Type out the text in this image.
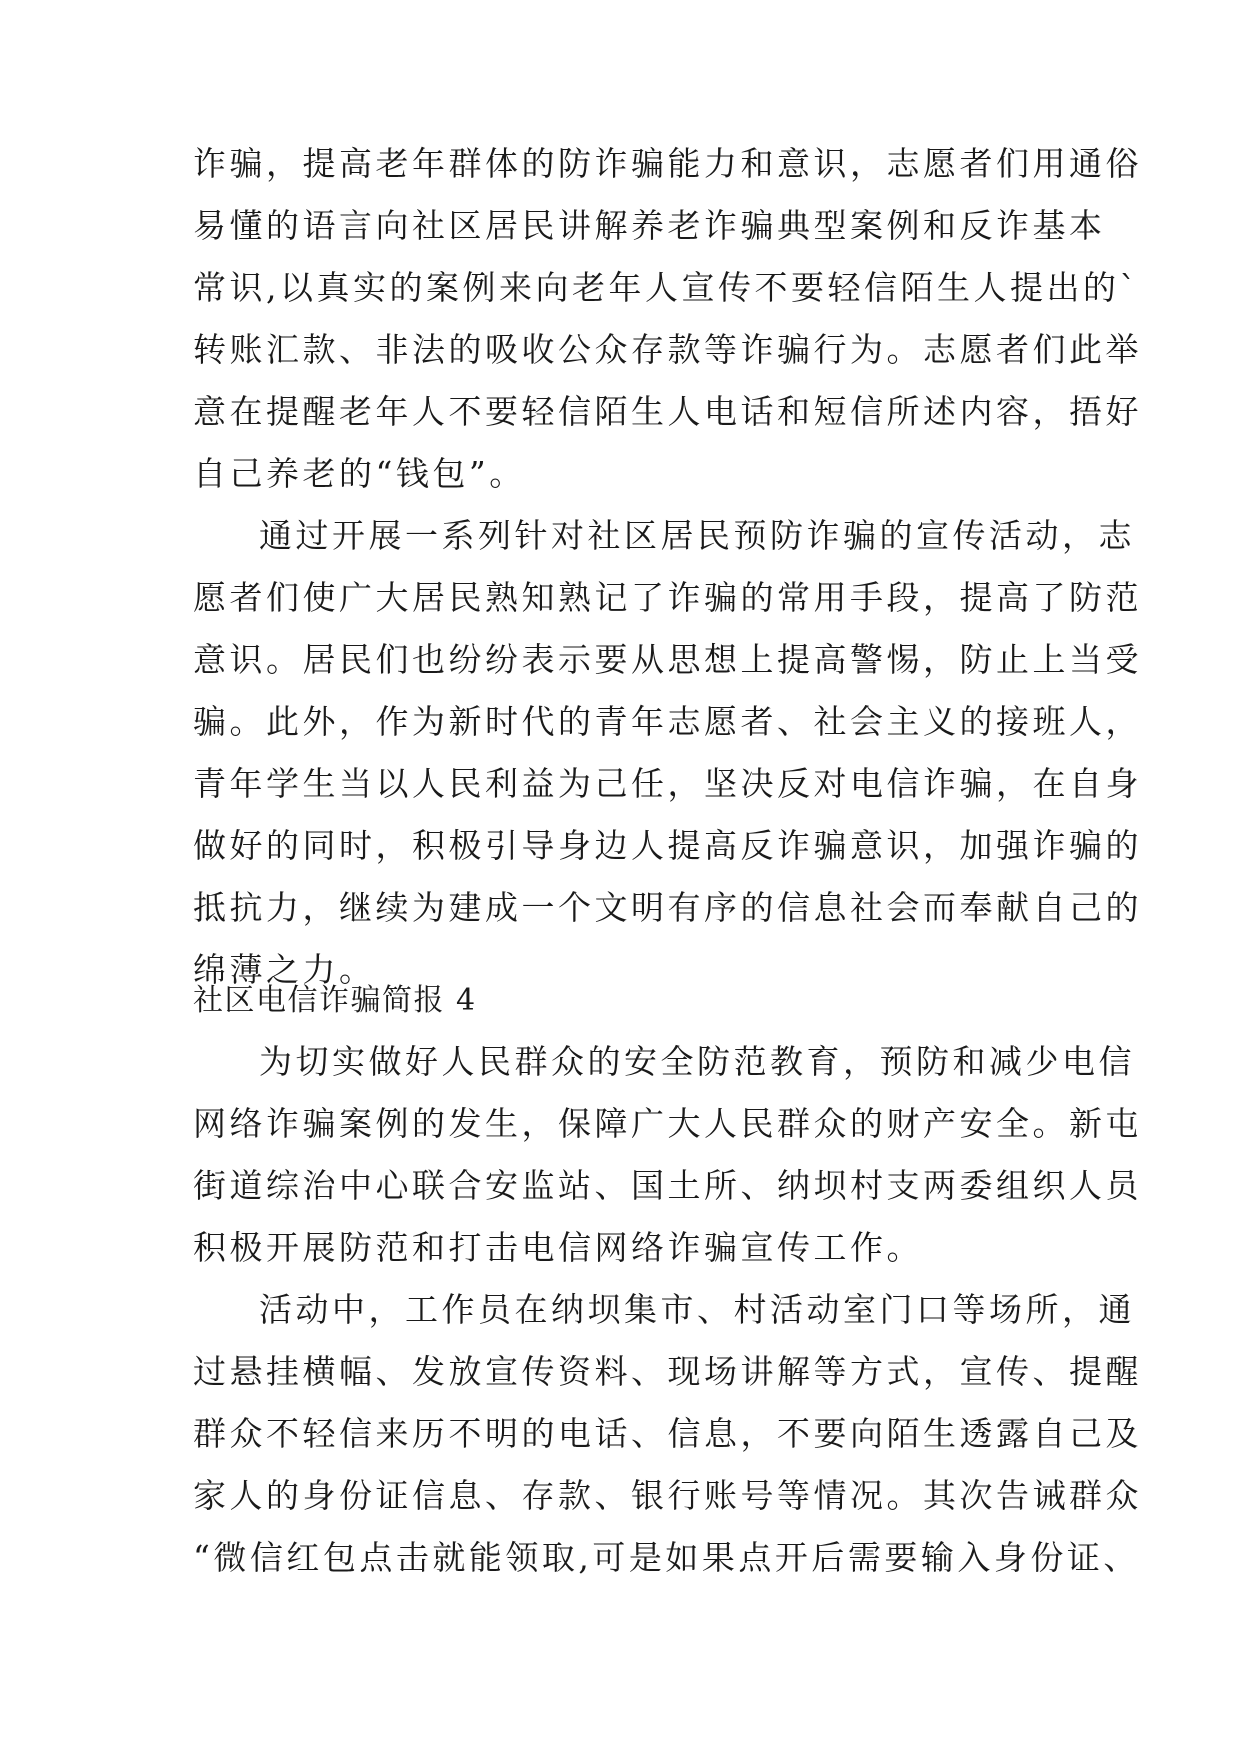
诈骗，提高老年群体的防诈骗能力和意识，志愿者们用通俗
易懂的语言向社区居民讲解养老诈骗典型案例和反诈基本
常识,以真实的案例来向老年人宣传不要轻信陌生人提出的`
转账汇款、非法的吸收公众存款等诈骗行为。志愿者们此举
意在提醒老年人不要轻信陌生人电话和短信所述内容，捂好
自己养老的“钱包”。
通过开展一系列针对社区居民预防诈骗的宣传活动，志
愿者们使广大居民熟知熟记了诈骗的常用手段，提高了防范
意识。居民们也纷纷表示要从思想上提高警惕，防止上当受
骗。此外，作为新时代的青年志愿者、社会主义的接班人，
青年学生当以人民利益为己任，坚决反对电信诈骗，在自身
做好的同时，积极引导身边人提高反诈骗意识，加强诈骗的
抵抗力，继续为建成一个文明有序的信息社会而奉献自己的
绵薄之力。
社区电信诈骗简报 4
为切实做好人民群众的安全防范教育，预防和减少电信
网络诈骗案例的发生，保障广大人民群众的财产安全。新屯
街道综治中心联合安监站、国土所、纳坝村支两委组织人员
积极开展防范和打击电信网络诈骗宣传工作。
活动中，工作员在纳坝集市、村活动室门口等场所，通
过悬挂横幅、发放宣传资料、现场讲解等方式，宣传、提醒
群众不轻信来历不明的电话、信息，不要向陌生透露自己及
家人的身份证信息、存款、银行账号等情况。其次告诫群众
“微信红包点击就能领取,可是如果点开后需要输入身份证、
